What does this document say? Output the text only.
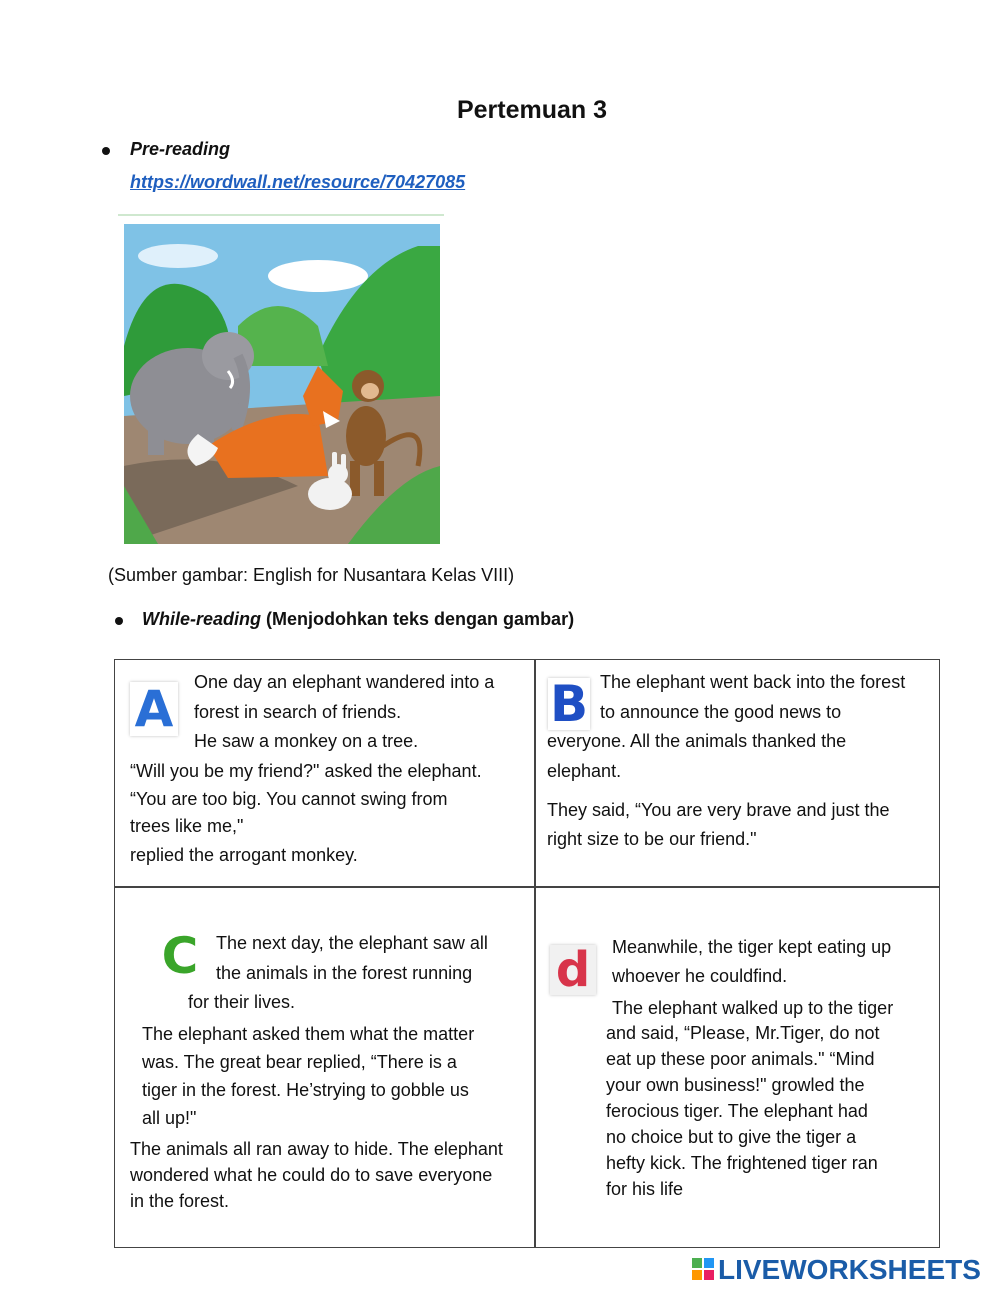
Pertemuan 3
Pre-reading
https://wordwall.net/resource/70427085
(Sumber gambar: English for Nusantara Kelas VIII)
While-reading (Menjodohkan teks dengan gambar)
A One day an elephant wandered into a
forest in search of friends.
He saw a monkey on a tree.
“Will you be my friend?" asked the elephant.
“You are too big. You cannot swing from
trees like me,"
replied the arrogant monkey.
B The elephant went back into the forest
to announce the good news to
everyone. All the animals thanked the
elephant.
They said, “You are very brave and just the
right size to be our friend."
C The next day, the elephant saw all
the animals in the forest running
for their lives.
The elephant asked them what the matter
was. The great bear replied, “There is a
tiger in the forest. He’strying to gobble us
all up!"
The animals all ran away to hide. The elephant
wondered what he could do to save everyone
in the forest.
d Meanwhile, the tiger kept eating up
whoever he couldfind.
The elephant walked up to the tiger
and said, “Please, Mr.Tiger, do not
eat up these poor animals." “Mind
your own business!" growled the
ferocious tiger. The elephant had
no choice but to give the tiger a
hefty kick. The frightened tiger ran
for his life
LIVEWORKSHEETS
